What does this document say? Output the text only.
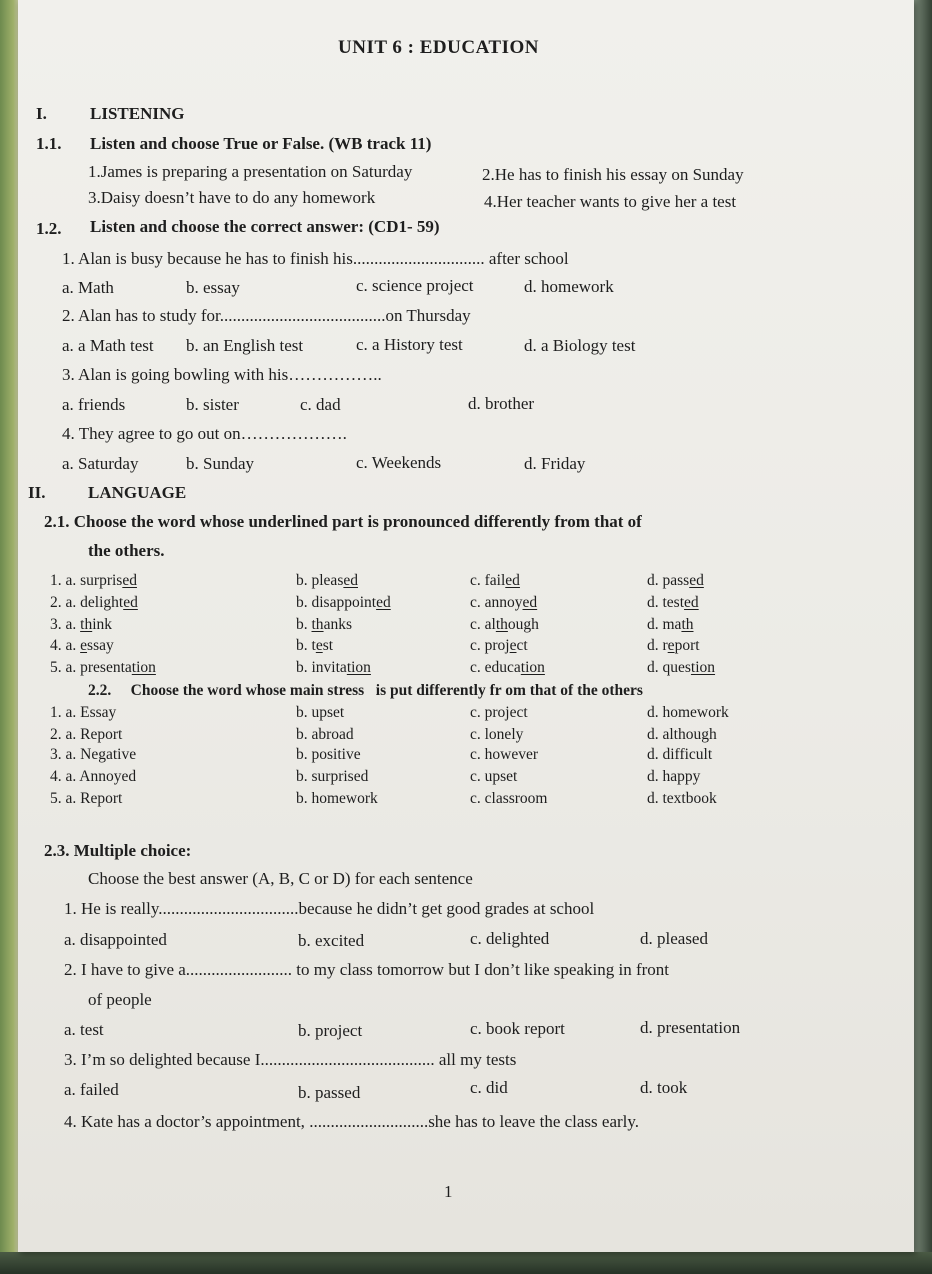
UNIT 6 : EDUCATION
I.	LISTENING
1.1. Listen and choose True or False. (WB track 11)
1.James is preparing a presentation on Saturday	2.He has to finish his essay on Sunday
3.Daisy doesn’t have to do any homework	4.Her teacher wants to give her a test
1.2. Listen and choose the correct answer: (CD1- 59)
1. Alan is busy because he has to finish his............................... after school
a. Math	b. essay	c. science project	d. homework
2. Alan has to study for.......................................on Thursday
a. a Math test b. an English test	c. a History test	d. a Biology test
3. Alan is going bowling with his……………..
a. friends	b. sister	c. dad	d. brother
4. They agree to go out on……………….
a. Saturday	b. Sunday	c. Weekends	d. Friday
II.	LANGUAGE
2.1. Choose the word whose underlined part is pronounced differently from that of
the others.
1. a. surprised	b. pleased	c. failed	d. passed
2. a. delighted	b. disappointed	c. annoyed	d. tested
3. a. think	b. thanks	c. although	d. math
4. a. essay	b. test	c. project	d. report
5. a. presentation	b. invitation	c. education	d. question
2.2.     Choose the word whose main stress   is put differently fr om that of the others
1. a. Essay	b. upset	c. project	d. homework
2. a. Report	b. abroad	c. lonely	d. although
3. a. Negative	b. positive	c. however	d. difficult
4. a. Annoyed	b. surprised	c. upset	d. happy
5. a. Report	b. homework	c. classroom	d. textbook
2.3. Multiple choice:
Choose the best answer (A, B, C or D) for each sentence
1. He is really.................................because he didn’t get good grades at school
a. disappointed	b. excited	c. delighted	d. pleased
2. I have to give a......................... to my class tomorrow but I don’t like speaking in front
of people
a. test	b. project	c. book report	d. presentation
3. I’m so delighted because I......................................... all my tests
a. failed	b. passed	c. did	d. took
4. Kate has a doctor’s appointment, ............................she has to leave the class early.
1
